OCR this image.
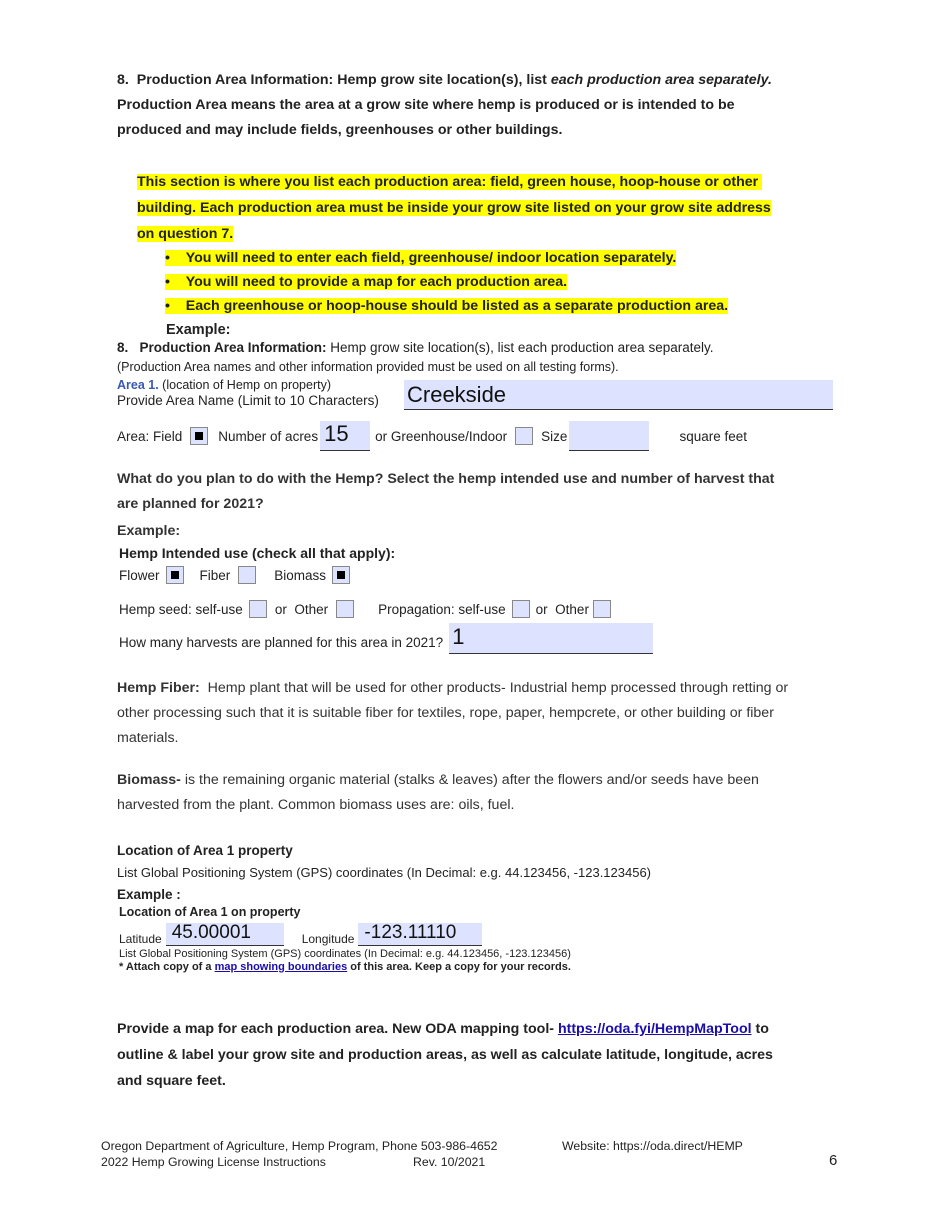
8. Production Area Information: Hemp grow site location(s), list each production area separately.
Production Area means the area at a grow site where hemp is produced or is intended to be
produced and may include fields, greenhouses or other buildings.
This section is where you list each production area: field, green house, hoop-house or other
building. Each production area must be inside your grow site listed on your grow site address
on question 7.
•    You will need to enter each field, greenhouse/ indoor location separately.
•    You will need to provide a map for each production area.
•    Each greenhouse or hoop-house should be listed as a separate production area.
Example:
8. Production Area Information: Hemp grow site location(s), list each production area separately.
(Production Area names and other information provided must be used on all testing forms).
Area 1. (location of Hemp on property)
Provide Area Name (Limit to 10 Characters) Creekside
Area: Field	Number of acres 15	or Greenhouse/Indoor	Size	square feet
What do you plan to do with the Hemp? Select the hemp intended use and number of harvest that
are planned for 2021?
Example:
Hemp Intended use (check all that apply):
Flower	Fiber	Biomass
Hemp seed: self-use or  Other	Propagation: self-use or  Other
How many harvests are planned for this area in 2021? 1
Hemp Fiber:  Hemp plant that will be used for other products- Industrial hemp processed through retting or
other processing such that it is suitable fiber for textiles, rope, paper, hempcrete, or other building or fiber
materials.
Biomass- is the remaining organic material (stalks & leaves) after the flowers and/or seeds have been
harvested from the plant. Common biomass uses are: oils, fuel.
Location of Area 1 property
List Global Positioning System (GPS) coordinates (In Decimal: e.g. 44.123456, -123.123456)
Example :
Location of Area 1 on property
Latitude 45.00001	Longitude -123.11110
List Global Positioning System (GPS) coordinates (In Decimal: e.g. 44.123456, -123.123456)
* Attach copy of a map showing boundaries of this area. Keep a copy for your records.
Provide a map for each production area. New ODA mapping tool- https://oda.fyi/HempMapTool to
outline & label your grow site and production areas, as well as calculate latitude, longitude, acres
and square feet.
Oregon Department of Agriculture, Hemp Program, Phone 503-986-4652
2022 Hemp Growing License Instructions	Rev. 10/2021
Website: https://oda.direct/HEMP
6
